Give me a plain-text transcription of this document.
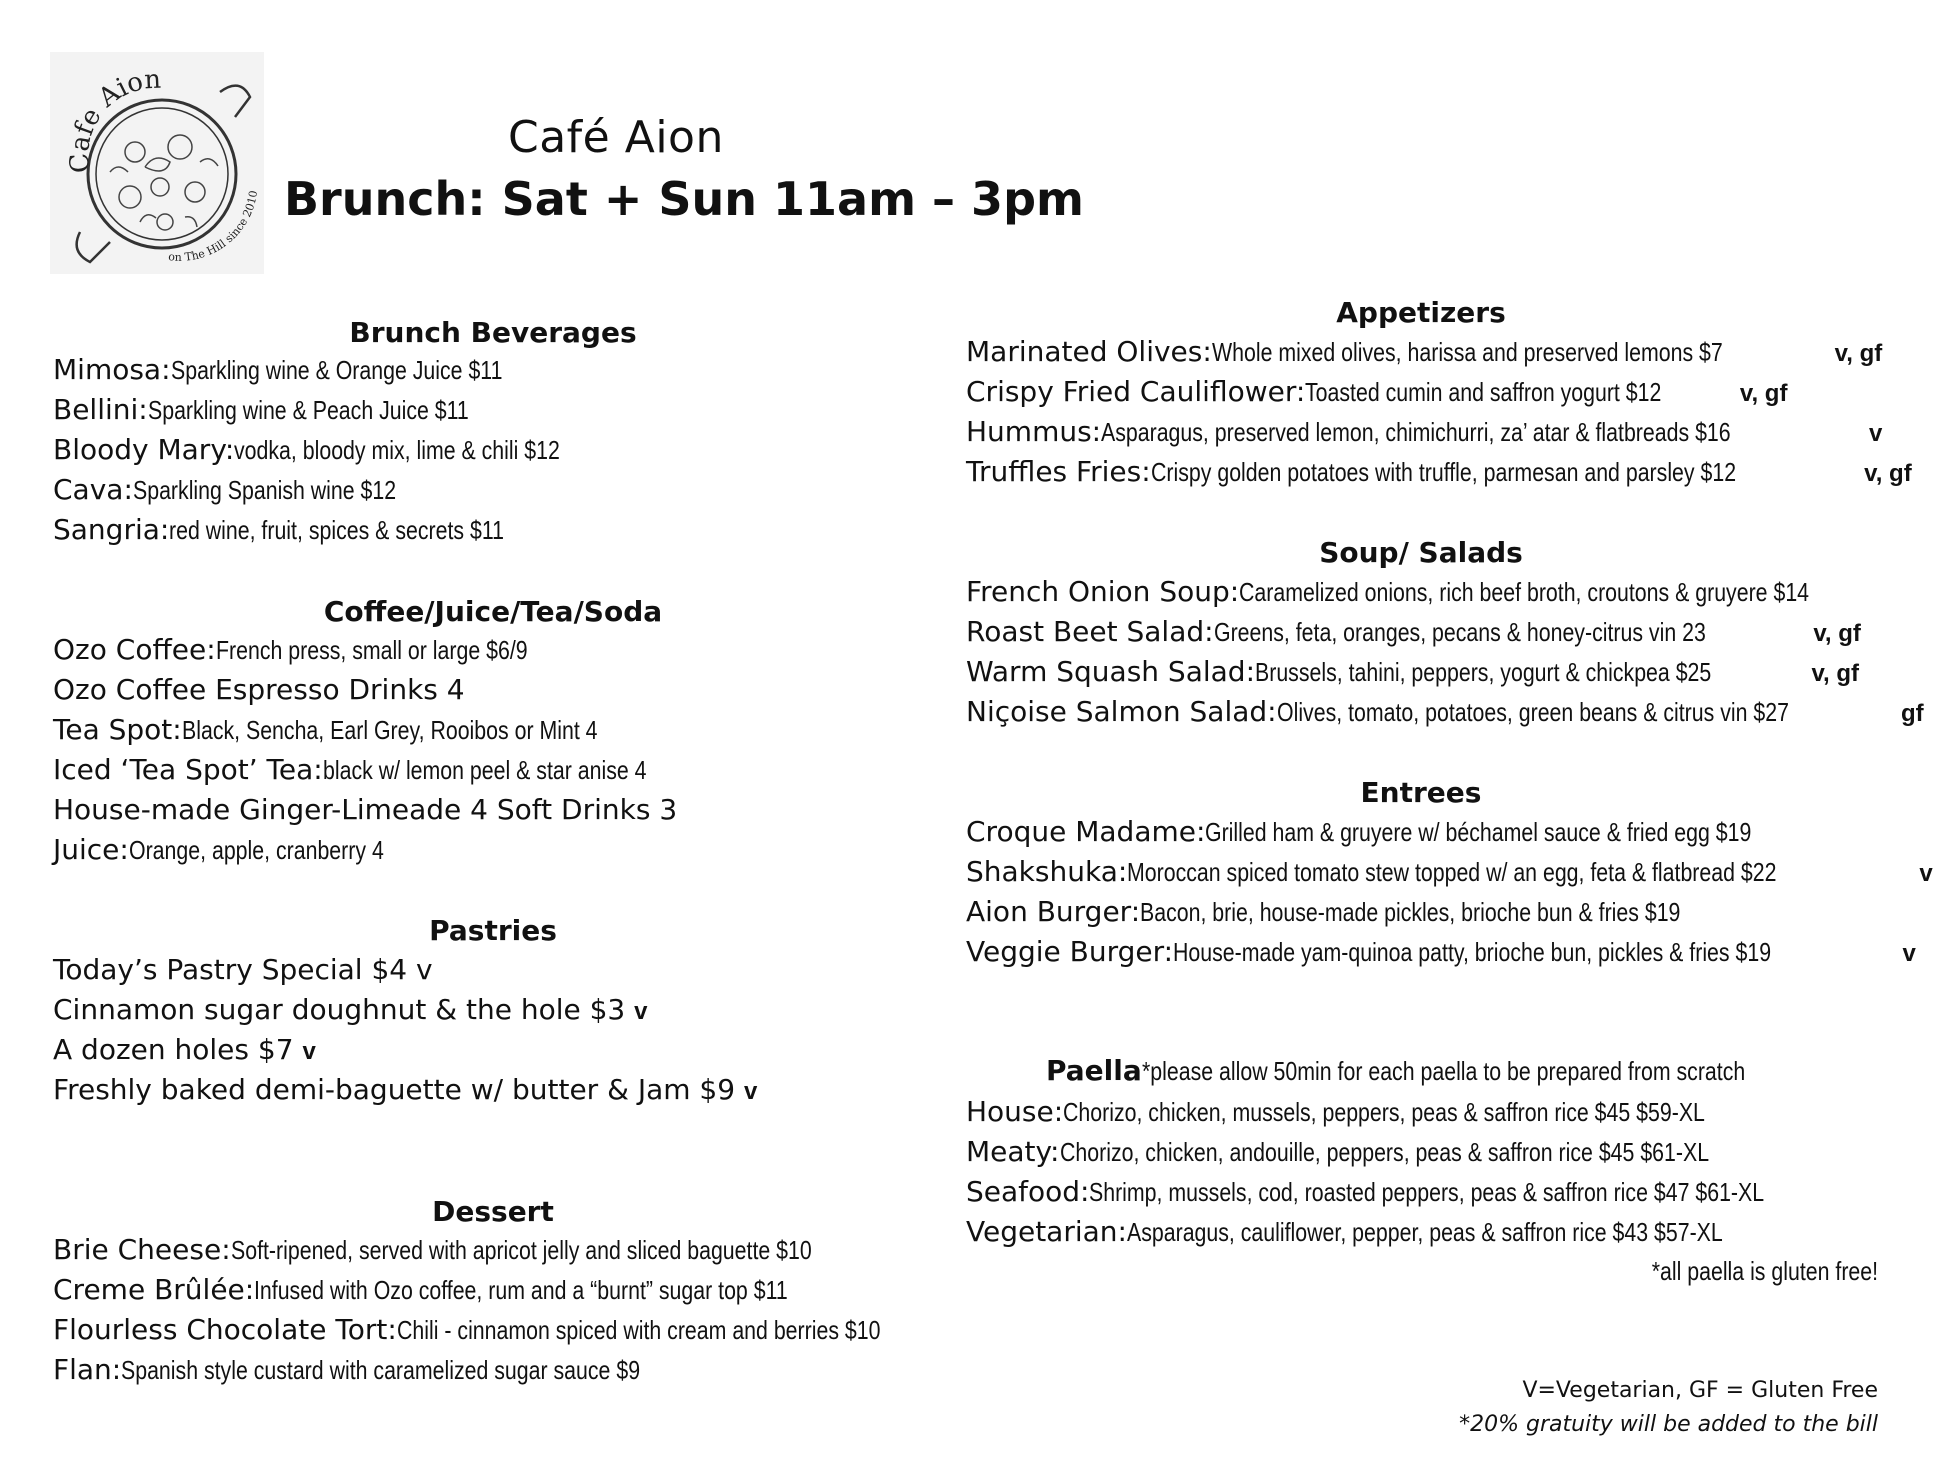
Cafe Aion
on The Hill since 2010
Café Aion
Brunch: Sat + Sun 11am – 3pm
Brunch Beverages
Mimosa:Sparkling wine & Orange Juice $11
Bellini:Sparkling wine & Peach Juice $11
Bloody Mary:vodka, bloody mix, lime & chili $12
Cava:Sparkling Spanish wine $12
Sangria:red wine, fruit, spices & secrets $11
Coffee/Juice/Tea/Soda
Ozo Coffee:French press, small or large $6/9
Ozo Coffee Espresso Drinks 4
Tea Spot:Black, Sencha, Earl Grey, Rooibos or Mint 4
Iced ‘Tea Spot’ Tea:black w/ lemon peel & star anise 4
House-made Ginger-Limeade 4 Soft Drinks 3
Juice:Orange, apple, cranberry 4
Pastries
Today’s Pastry Special $4 v
Cinnamon sugar doughnut & the hole $3 v
A dozen holes $7 v
Freshly baked demi-baguette w/ butter & Jam $9 v
Dessert
Brie Cheese:Soft-ripened, served with apricot jelly and sliced baguette $10
Creme Brûlée:Infused with Ozo coffee, rum and a “burnt” sugar top $11
Flourless Chocolate Tort:Chili - cinnamon spiced with cream and berries $10
Flan:Spanish style custard with caramelized sugar sauce $9
Appetizers
Marinated Olives:Whole mixed olives, harissa and preserved lemons $7	v, gf
Crispy Fried Cauliflower:Toasted cumin and saffron yogurt $12	v, gf
Hummus:Asparagus, preserved lemon, chimichurri, za’ atar & flatbreads $16	v
Truffles Fries:Crispy golden potatoes with truffle, parmesan and parsley $12	v, gf
Soup/ Salads
French Onion Soup:Caramelized onions, rich beef broth, croutons & gruyere $14
Roast Beet Salad:Greens, feta, oranges, pecans & honey-citrus vin 23	v, gf
Warm Squash Salad:Brussels, tahini, peppers, yogurt & chickpea $25	v, gf
Niçoise Salmon Salad:Olives, tomato, potatoes, green beans & citrus vin $27	gf
Entrees
Croque Madame:Grilled ham & gruyere w/ béchamel sauce & fried egg $19
Shakshuka:Moroccan spiced tomato stew topped w/ an egg, feta & flatbread $22	v
Aion Burger:Bacon, brie, house-made pickles, brioche bun & fries $19
Veggie Burger:House-made yam-quinoa patty, brioche bun, pickles & fries $19	v
Paella*please allow 50min for each paella to be prepared from scratch
House:Chorizo, chicken, mussels, peppers, peas & saffron rice $45 $59-XL
Meaty:Chorizo, chicken, andouille, peppers, peas & saffron rice $45 $61-XL
Seafood:Shrimp, mussels, cod, roasted peppers, peas & saffron rice $47 $61-XL
Vegetarian:Asparagus, cauliflower, pepper, peas & saffron rice $43 $57-XL
*all paella is gluten free!
V=Vegetarian, GF = Gluten Free
*20% gratuity will be added to the bill
